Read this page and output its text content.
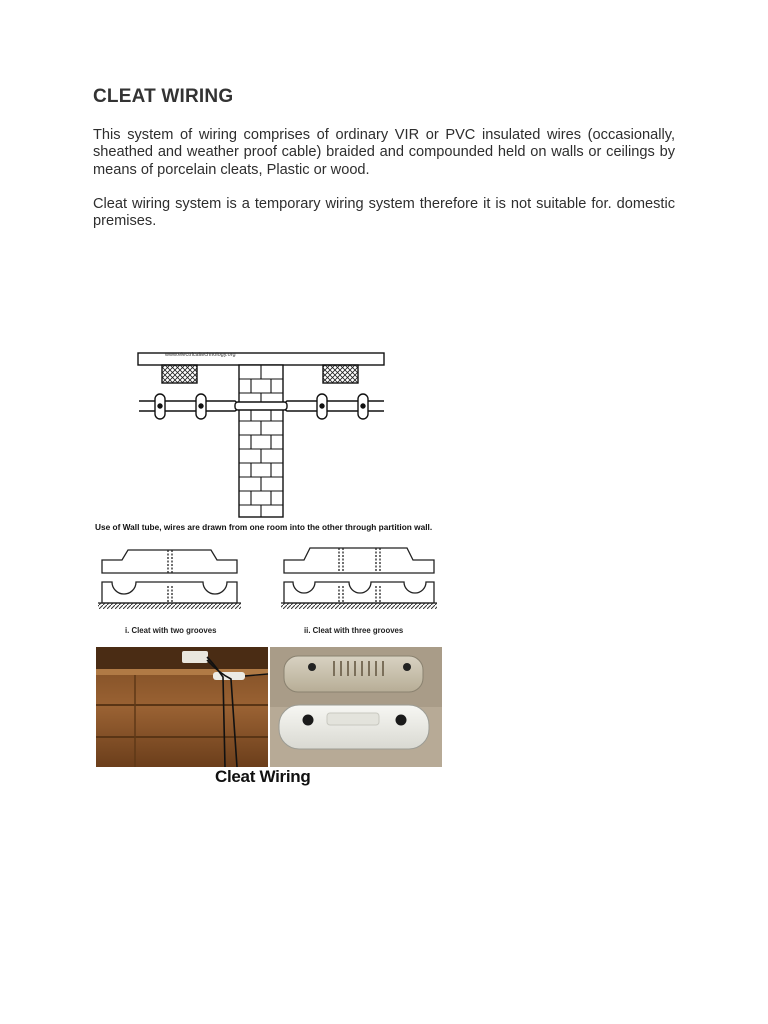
CLEAT WIRING

This system of wiring comprises of ordinary VIR or PVC insulated wires (occasionally, sheathed and weather proof cable) braided and compounded held on walls or ceilings by means of porcelain cleats, Plastic or wood.

Cleat wiring system is a temporary wiring system therefore it is not suitable for. domestic premises.

www.electricaltechnology.org
Use of Wall tube, wires are drawn from one room into the other through partition wall.
i. Cleat with two grooves	ii. Cleat with three grooves
Cleat Wiring
